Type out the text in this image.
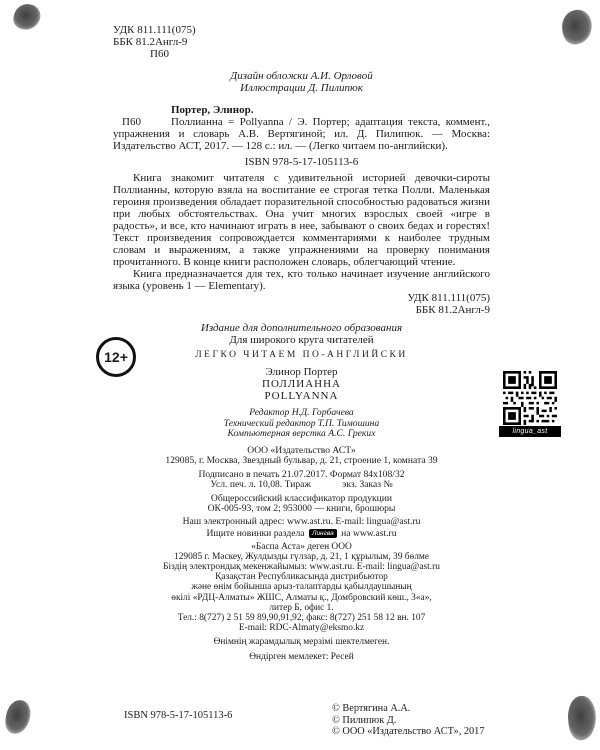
УДК 811.111(075)
ББК 81.2Англ-9
П60
Дизайн обложки А.И. Орловой
Иллюстрации Д. Пилипюк
Портер, Элинор.
П60	Поллианна = Pollyanna / Э. Портер; адаптация текста, коммент., упражнения и словарь А.В. Вертягиной; ил. Д. Пилипюк. — Москва: Издательство АСТ, 2017. — 128 с.: ил. — (Легко читаем по-английски).

ISBN 978-5-17-105113-6

Книга знакомит читателя с удивительной историей девочки-сироты Поллианны, которую взяла на воспитание ее строгая тетка Полли. Маленькая героиня произведения обладает поразительной способностью радоваться жизни при любых обстоятельствах. Она учит многих взрослых своей «игре в радость», и все, кто начинают играть в нее, забывают о своих бедах и горестях! Текст произведения сопровождается комментариями к наиболее трудным словам и выражениям, а также упражнениями на проверку понимания прочитанного. В конце книги расположен словарь, облегчающий чтение.

Книга предназначается для тех, кто только начинает изучение английского языка (уровень 1 — Elementary).

УДК 811.111(075)
ББК 81.2Англ-9
Издание для дополнительного образования
Для широкого круга читателей
ЛЕГКО ЧИТАЕМ ПО-АНГЛИЙСКИ
Элинор Портер
ПОЛЛИАННА
POLLYANNA
Редактор Н.Д. Горбачева
Технический редактор Т.П. Тимошина
Компьютерная верстка А.С. Греких
ООО «Издательство АСТ»
129085, г. Москва, Звездный бульвар, д. 21, строение 1, комната 39
Подписано в печать 21.07.2017. Формат 84х108/32
Усл. печ. л. 10,08. Тираж             экз. Заказ №
Общероссийский классификатор продукции
ОК-005-93, том 2; 953000 — книги, брошюры
Наш электронный адрес: www.ast.ru. E-mail: lingua@ast.ru
Ищите новинки раздела Лингва на www.ast.ru
«Баспа Аста» деген ООО
129085 г. Мәскеу, Жулдызды гүлзар, д. 21, 1 құрылым, 39 бөлме
Біздің электрондық мекенжайымыз: www.ast.ru. E-mail: lingua@ast.ru
Қазақстан Республикасында дистрибьютор
және өнім бойынша арыз-талаптарды қабылдаушының
өкілі «РДЦ-Алматы» ЖШС, Алматы қ., Домбровский көш., 3«а»,
литер Б, офис 1.
Тел.: 8(727) 2 51 59 89,90,91,92, факс: 8(727) 251 58 12 вн. 107
E-mail: RDC-Almaty@eksmo.kz
Өнімнің жарамдылық мерзімі шектелмеген.
Өндірген мемлекет: Ресей
12+
lingua_ast
ISBN 978-5-17-105113-6
© Вертягина А.А.
© Пилипюк Д.
© ООО «Издательство АСТ», 2017
